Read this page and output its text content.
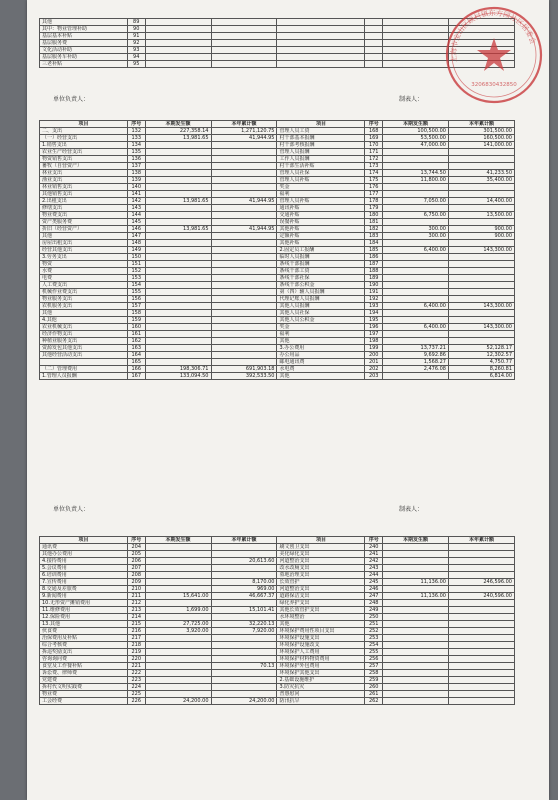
其他	89						
其中：物业管理补助	90						
基层基本补贴	91						
基层服务费	92						
文化活动补助	93						
基层服务车补助	94						
三老补贴	95						
单位负责人：	制表人：
项目	序号	本期发生额	本年累计额	项目	序号	本期发生额	本年累计额
二、支出	132	227,358.14	1,271,120.75	管理人员工资	168	100,500.00	301,500.00
（一）经营支出	133	13,981.65	41,944.95	村干部基本报酬	169	53,500.00	160,500.00
1.销售支出	134			村干部考核报酬	170	47,000.00	141,000.00
农业生产经营支出	135			管理人员报酬	171		
物资销售支出	136			工作人员报酬	172		
畜牧（自营资产）	137			村干部生活补贴	173		
林业支出	138			管理人员社保	174	13,744.50	41,233.50
渔业支出	139			管理人员补贴	175	11,800.00	35,400.00
林业销售支出	140			奖金	176		
其他销售支出	141			福利	177		
2.出租支出	142	13,981.65	41,944.95	管理人员补贴	178	7,050.00	14,400.00
修缮支出	143			通讯补贴	179		
物业费支出	144			交通补贴	180	6,750.00	13,500.00
资产类服务费	145			误餐补贴	181		
折旧（经营资产）	146	13,981.65	41,944.95	其他补贴	182	300.00	900.00
其他	147			定额补贴	183	300.00	900.00
房屋出租支出	148			其他补贴	184		
经营其他支出	149			2.固定员工报酬	185	6,400.00	143,300.00
3.劳务支出	150			临时人员报酬	186		
物资	151			条线干部报酬	187		
水费	152			条线干部工资	188		
电费	153			条线干部社保	189		
人工费支出	154			条线干部公积金	190		
机械作业费支出	155			第（四）辅人员报酬	191		
物业服务支出	156			代理记账人员报酬	192		
农机服务支出	157			其他人员报酬	193	6,400.00	143,300.00
其他	158			其他人员社保	194		
4.其他	159			其他人员公积金	195		
农业机械支出	160			奖金	196	6,400.00	143,300.00
经济作物支出	161			福利	197		
种植业服务支出	162			其他	198		
资源发包其他支出	163			3.办公费用	199	13,737.21	52,128.17
其他经营活动支出	164			办公用品	200	9,692.86	12,302.57
	165			邮电通讯费	201	1,568.27	4,750.77
（二）管理费用	166	198,306.71	691,903.18	水电费	202	2,476.08	8,260.81
1.管理人员报酬	167	133,094.50	392,533.50	其他	203		6,814.00
单位负责人：	制表人：
项目	序号	本期发生额	本年累计额	项目	序号	本期发生额	本年累计额
通讯费	204			刷文创卫支出	240		
其他办公费用	205			美化绿化支出	241		
4.接待费用	206		20,613.60	河道整治支出	242		
5.会议费用	207			改水改厕支出	243		
6.培训费用	208			墓地治理支出	244		
7.宣传费用	209		8,170.00	长效管护	245	11,136.00	246,596.00
8.交通及差旅费	210		969.00	河道整治支出	246		
9.新闻费用	211	15,641.00	46,667.37	道路保洁支出	247	11,136.00	240,596.00
10.无形资产摊销费用	212			绿化养护支出	248		
11.维修费用	213	1,699.00	15,101.41	其他长效管护支出	249		
12.保险费用	214			水环境整治	250		
13.其他	215	27,725.00	32,220.13	其他	251		
伙食费	216	3,920.00	7,920.00	环境保护费用性项目支出	252		
治保费用及补贴	217			环境保护设施支出	253		
综合考核费	218			环境保护设施改支	254		
拆违奖励支出	219			环境保护人工费用	255		
咨询询问费	220			环境保护材料物资费用	256		
食堂及工作餐补贴	221		70.13	环境保护外包费用	257		
诉讼费、律师费	222			环境保护其他支出	258		
党建费	223			2.基础设施维护	259		
拆村代文明实践费	224			3.防灾抗灾	260		
物业费	225			普惠慰问	261		
工会经费	226	24,200.00	24,200.00	防汛抗旱	262		
上海市宝山区顾村镇东方园社区居委会
3206830432850
